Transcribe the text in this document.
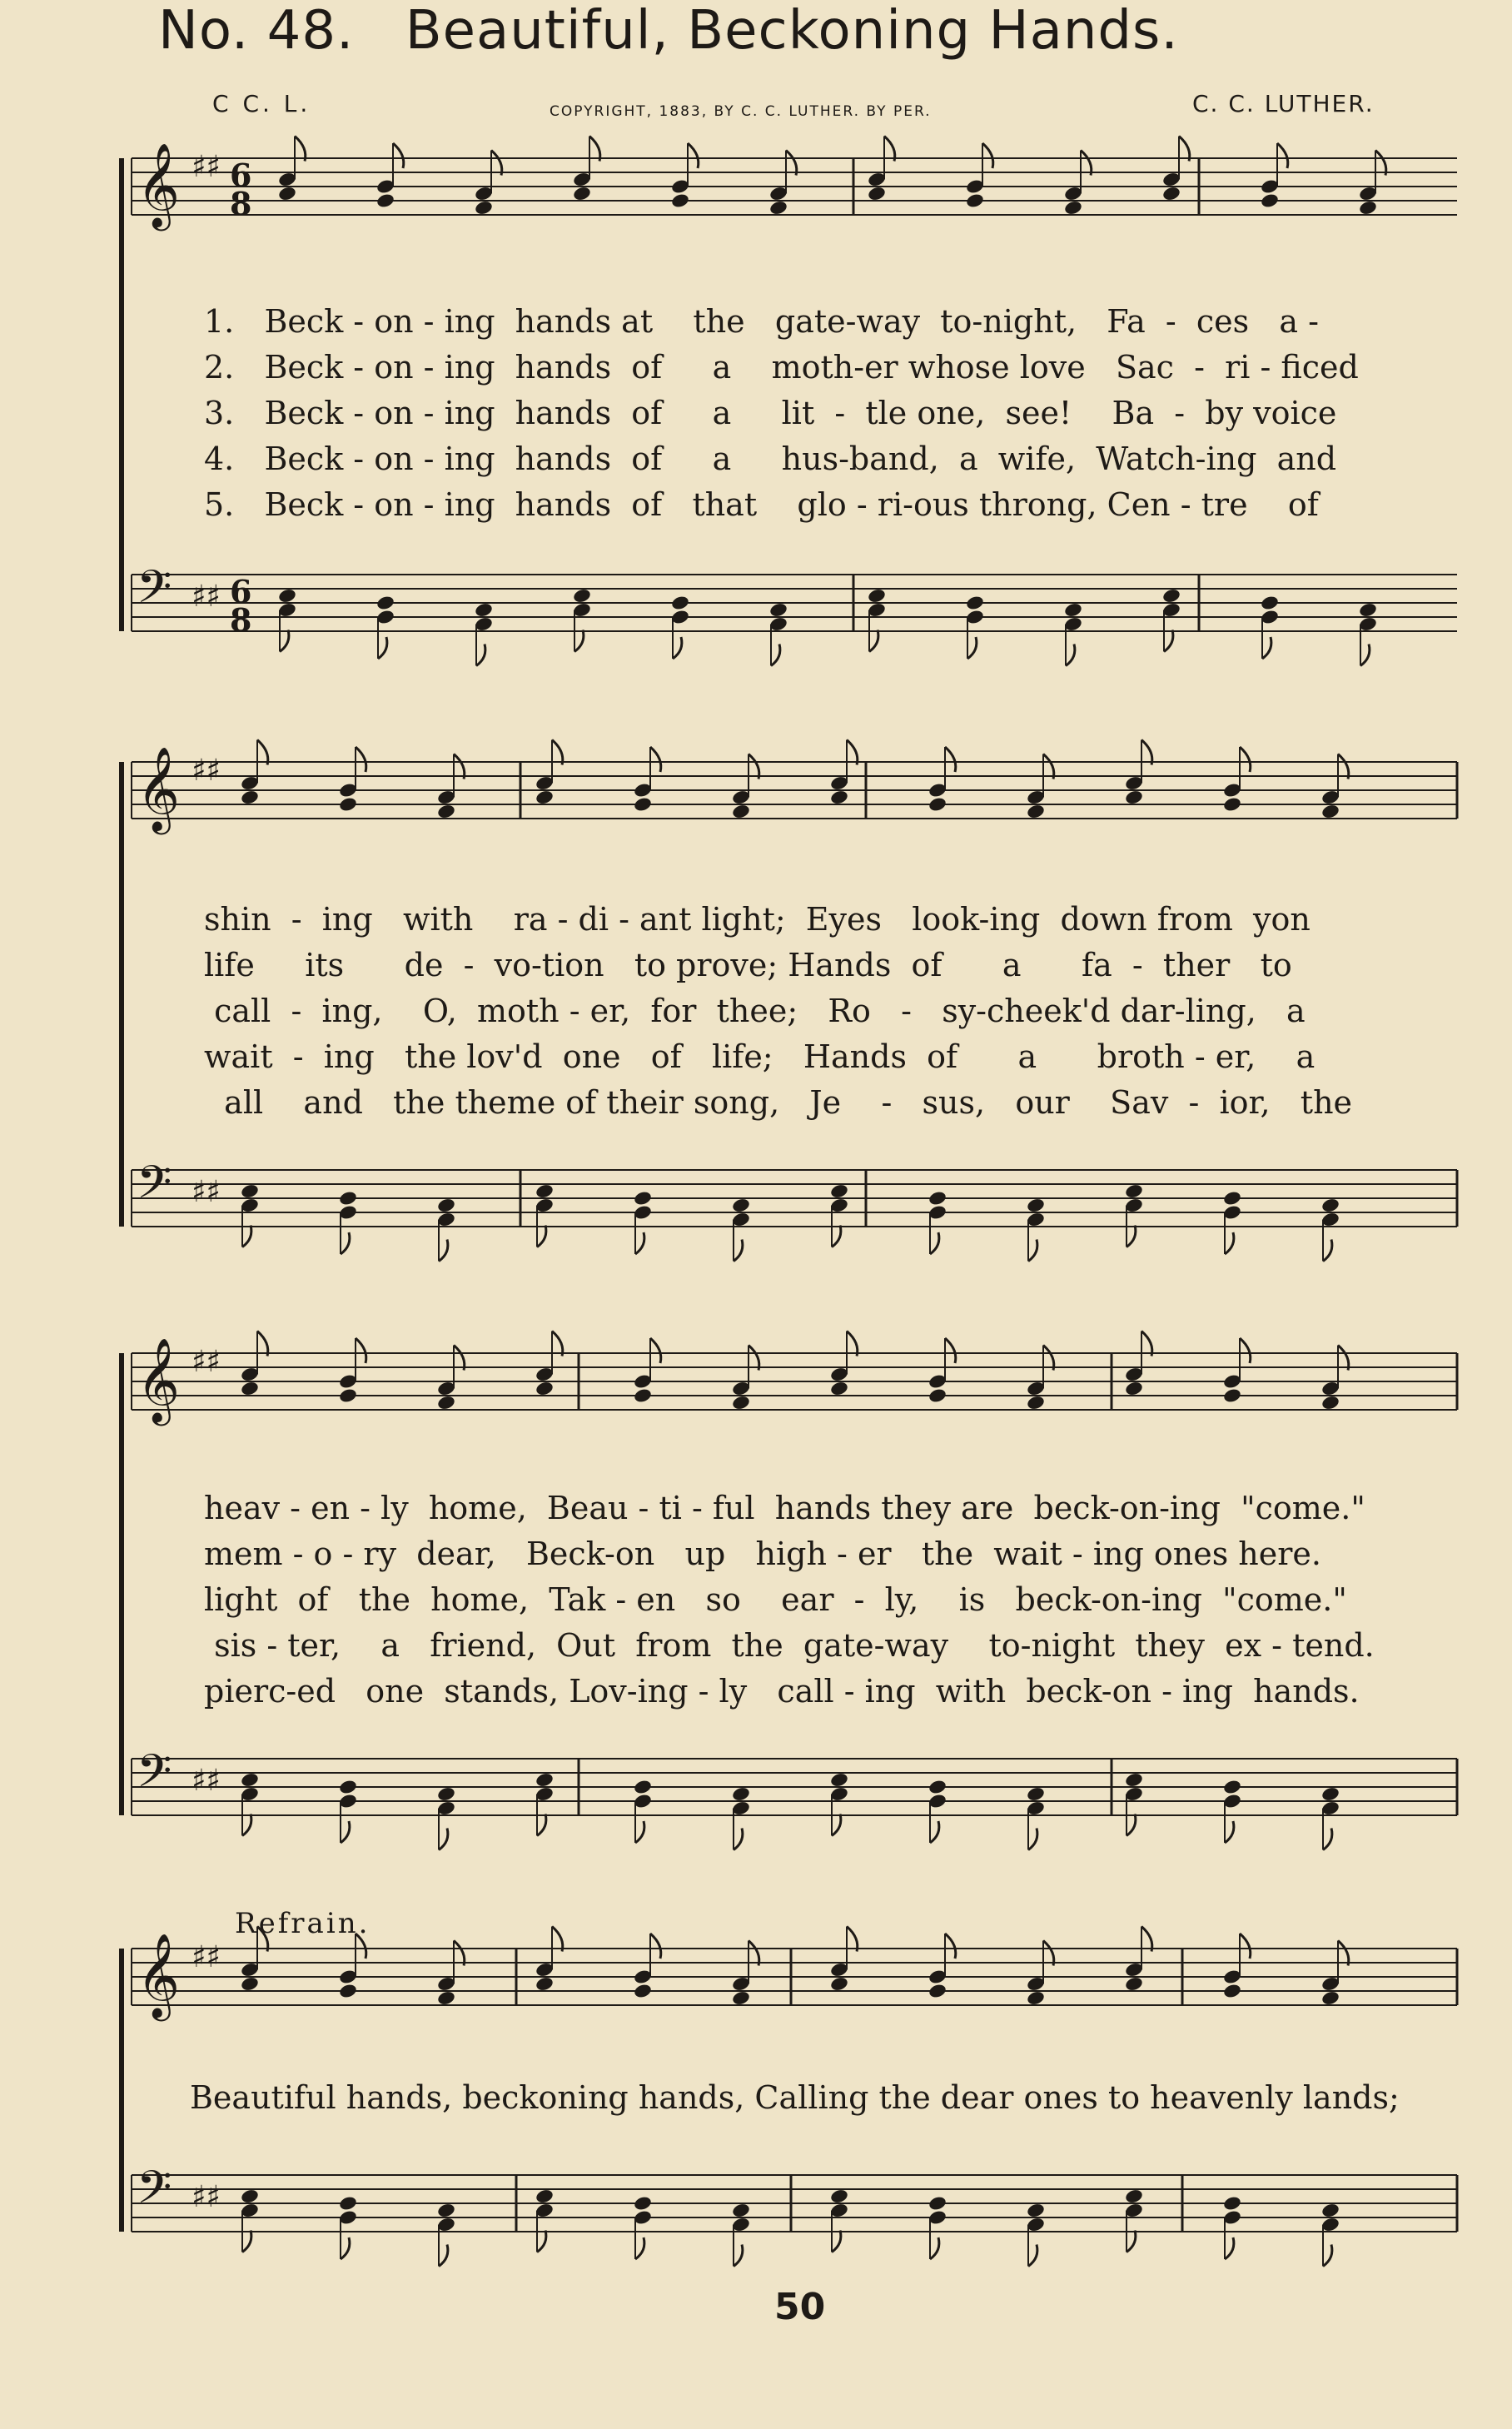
No. 48. Beautiful, Beckoning Hands.
C C. L.	COPYRIGHT, 1883, BY C. C. LUTHER. BY PER.	C. C. LUTHER.
𝄞 ♯♯ 6
8
𝄢 ♯♯ 6
8
𝄞 ♯♯
𝄢 ♯♯
𝄞 ♯♯
𝄢 ♯♯
𝄞 ♯♯
𝄢 ♯♯
1.   Beck - on - ing  hands at    the   gate-way  to-night,   Fa  -  ces   a -
2.   Beck - on - ing  hands  of     a    moth-er whose love   Sac  -  ri - ficed
3.   Beck - on - ing  hands  of     a     lit  -  tle one,  see!    Ba  -  by voice
4.   Beck - on - ing  hands  of     a     hus-band,  a  wife,  Watch-ing  and
5.   Beck - on - ing  hands  of   that    glo - ri-ous throng, Cen - tre    of
shin  -  ing   with    ra - di - ant light;  Eyes   look-ing  down from  yon
life     its      de  -  vo-tion   to prove; Hands  of      a      fa  -  ther   to
call  -  ing,    O,  moth - er,  for  thee;   Ro   -   sy-cheek'd dar-ling,   a
wait  -  ing   the lov'd  one   of   life;   Hands  of      a      broth - er,    a
all    and   the theme of their song,   Je    -   sus,   our    Sav  -  ior,   the
heav - en - ly  home,  Beau - ti - ful  hands they are  beck-on-ing  "come."
mem - o - ry  dear,   Beck-on   up   high - er   the  wait - ing ones here.
light  of   the  home,  Tak - en   so    ear  -  ly,    is   beck-on-ing  "come."
sis - ter,    a   friend,  Out  from  the  gate-way    to-night  they  ex - tend.
pierc-ed   one  stands, Lov-ing - ly   call - ing  with  beck-on - ing  hands.
Refrain.
Beautiful hands, beckoning hands, Calling the dear ones to heavenly lands;
50
